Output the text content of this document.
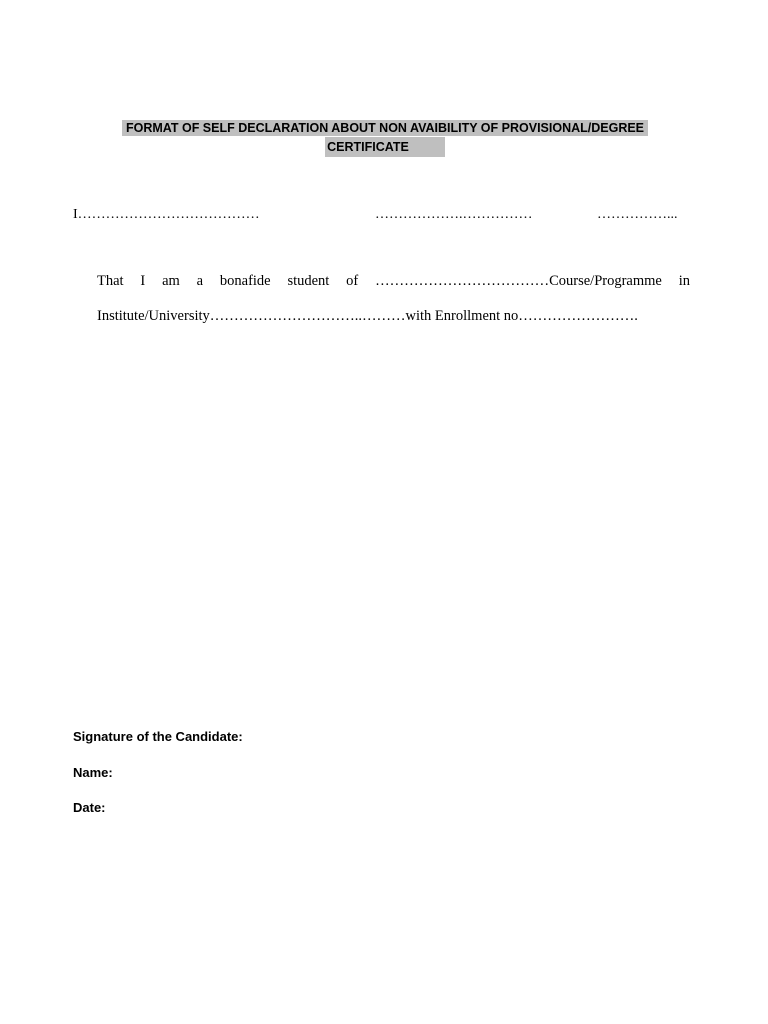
FORMAT OF SELF DECLARATION ABOUT NON AVAIBILITY OF PROVISIONAL/DEGREE
CERTIFICATE
I…………………………………	……………….……………	……………...
That I am a bonafide student of ………………………………Course/Programme in
Institute/University…………………………..………with Enrollment no…………………….
Signature of the Candidate:
Name:
Date:
